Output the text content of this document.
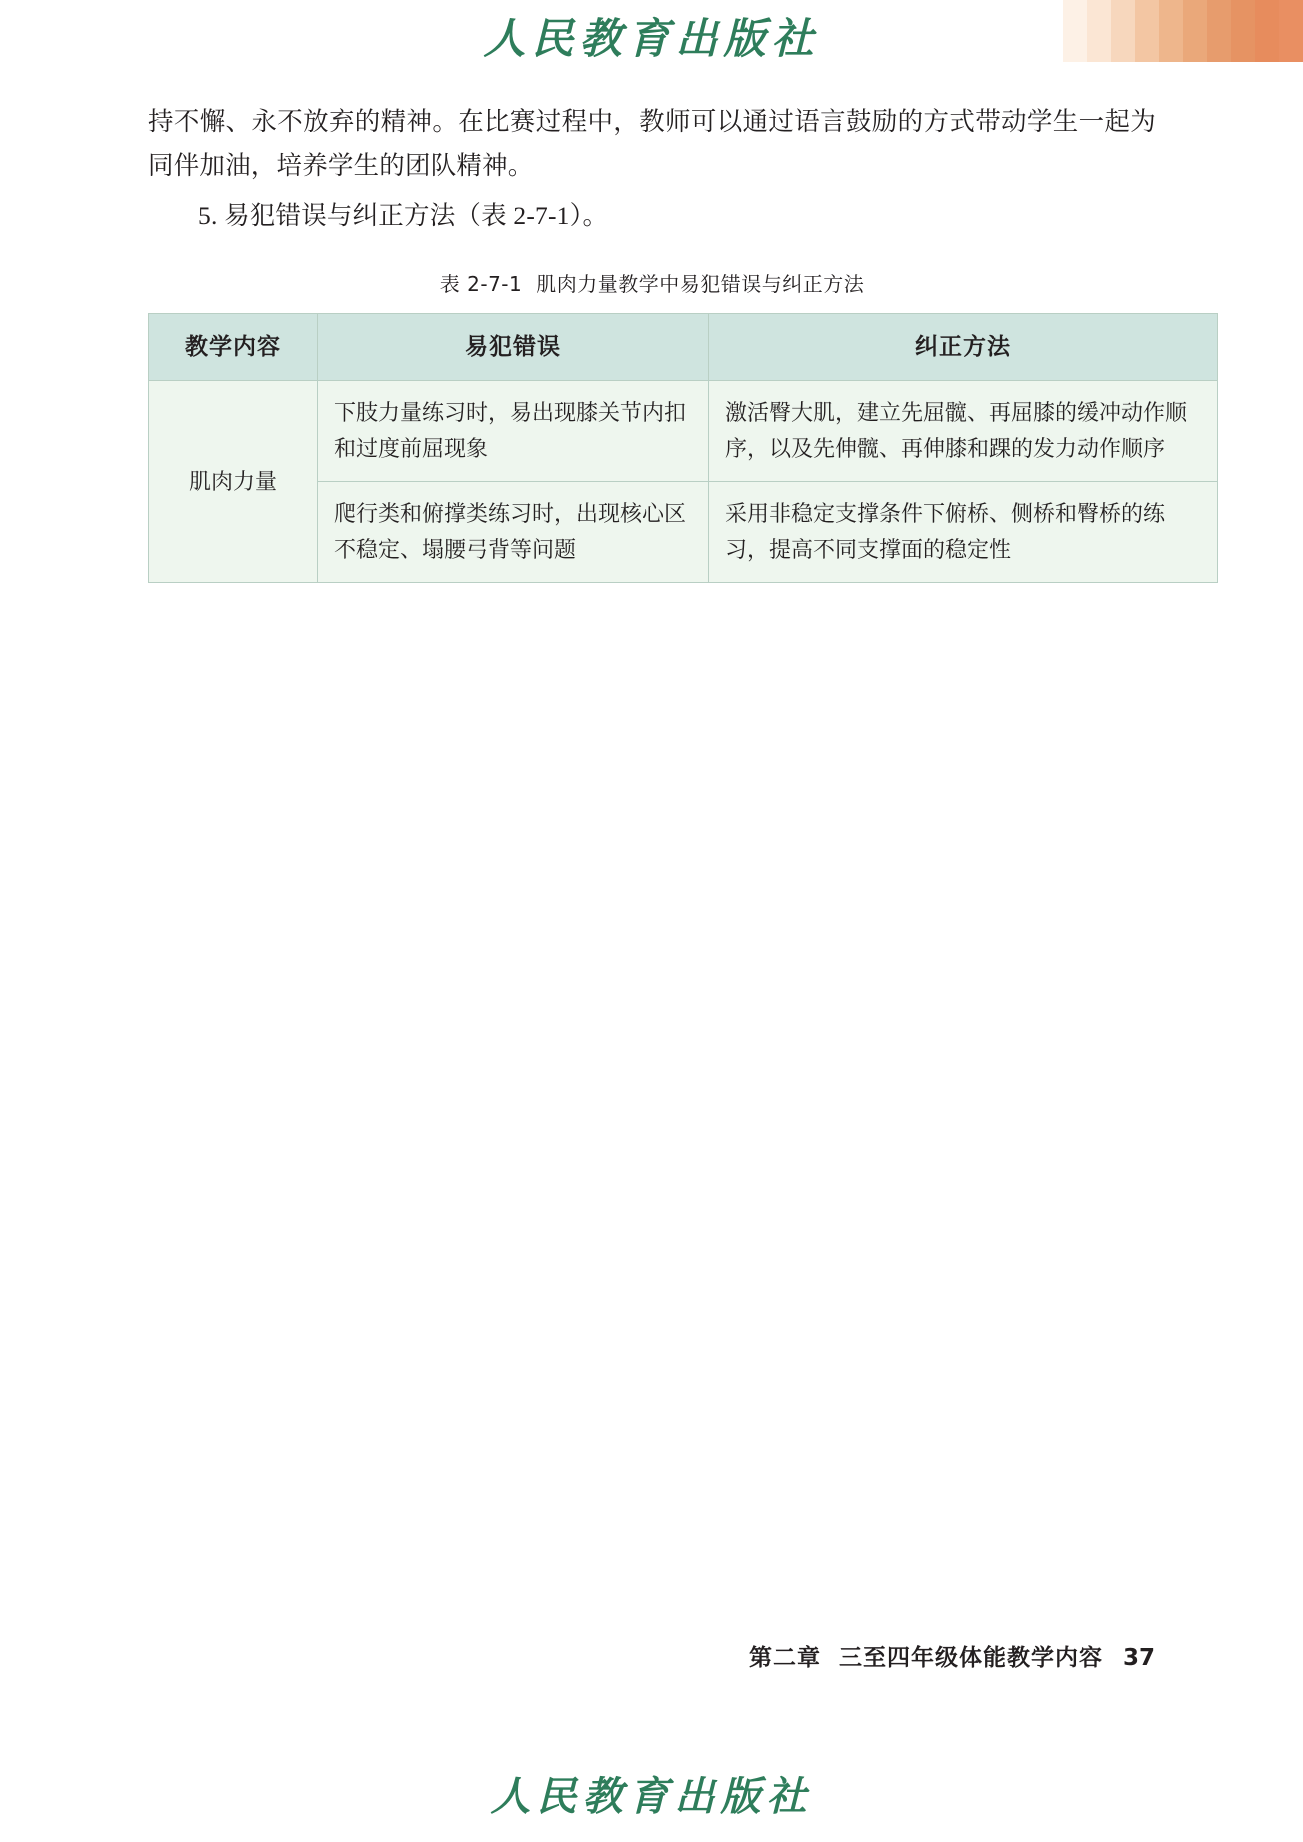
人民教育出版社

持不懈、永不放弃的精神。在比赛过程中，教师可以通过语言鼓励的方式带动学生一起为同伴加油，培养学生的团队精神。

5. 易犯错误与纠正方法（表 2-7-1）。

表 2-7-1 肌肉力量教学中易犯错误与纠正方法
教学内容	易犯错误	纠正方法
肌肉力量	下肢力量练习时，易出现膝关节内扣和过度前屈现象	激活臀大肌，建立先屈髋、再屈膝的缓冲动作顺序，以及先伸髋、再伸膝和踝的发力动作顺序
	爬行类和俯撑类练习时，出现核心区不稳定、塌腰弓背等问题	采用非稳定支撑条件下俯桥、侧桥和臀桥的练习，提高不同支撑面的稳定性
第二章 三至四年级体能教学内容 37
人民教育出版社
